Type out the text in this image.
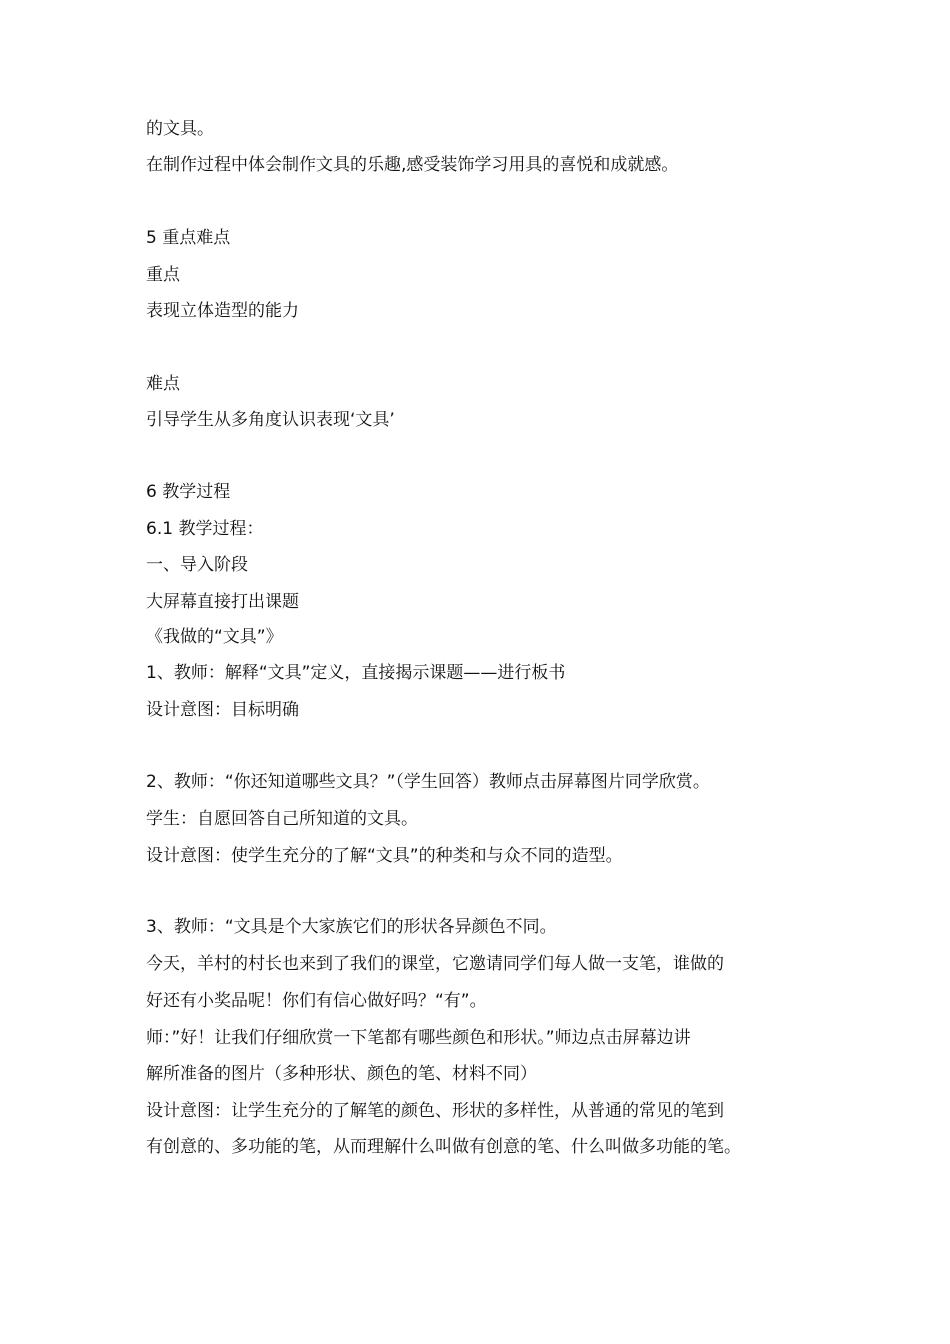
的文具。
在制作过程中体会制作文具的乐趣,感受装饰学习用具的喜悦和成就感。
5 重点难点
重点
表现立体造型的能力
难点
引导学生从多角度认识表现‘文具’
6 教学过程
6.1 教学过程：
一、导入阶段
大屏幕直接打出课题
《我做的“文具”》
1、教师：解释“文具”定义，直接揭示课题——进行板书
设计意图：目标明确
2、教师：“你还知道哪些文具？”（学生回答）教师点击屏幕图片同学欣赏。
学生：自愿回答自己所知道的文具。
设计意图：使学生充分的了解“文具”的种类和与众不同的造型。
3、教师：“文具是个大家族它们的形状各异颜色不同。
今天，羊村的村长也来到了我们的课堂，它邀请同学们每人做一支笔，谁做的
好还有小奖品呢！你们有信心做好吗？“有”。
师：”好！让我们仔细欣赏一下笔都有哪些颜色和形状。”师边点击屏幕边讲
解所准备的图片（多种形状、颜色的笔、材料不同）
设计意图：让学生充分的了解笔的颜色、形状的多样性，从普通的常见的笔到
有创意的、多功能的笔，从而理解什么叫做有创意的笔、什么叫做多功能的笔。
